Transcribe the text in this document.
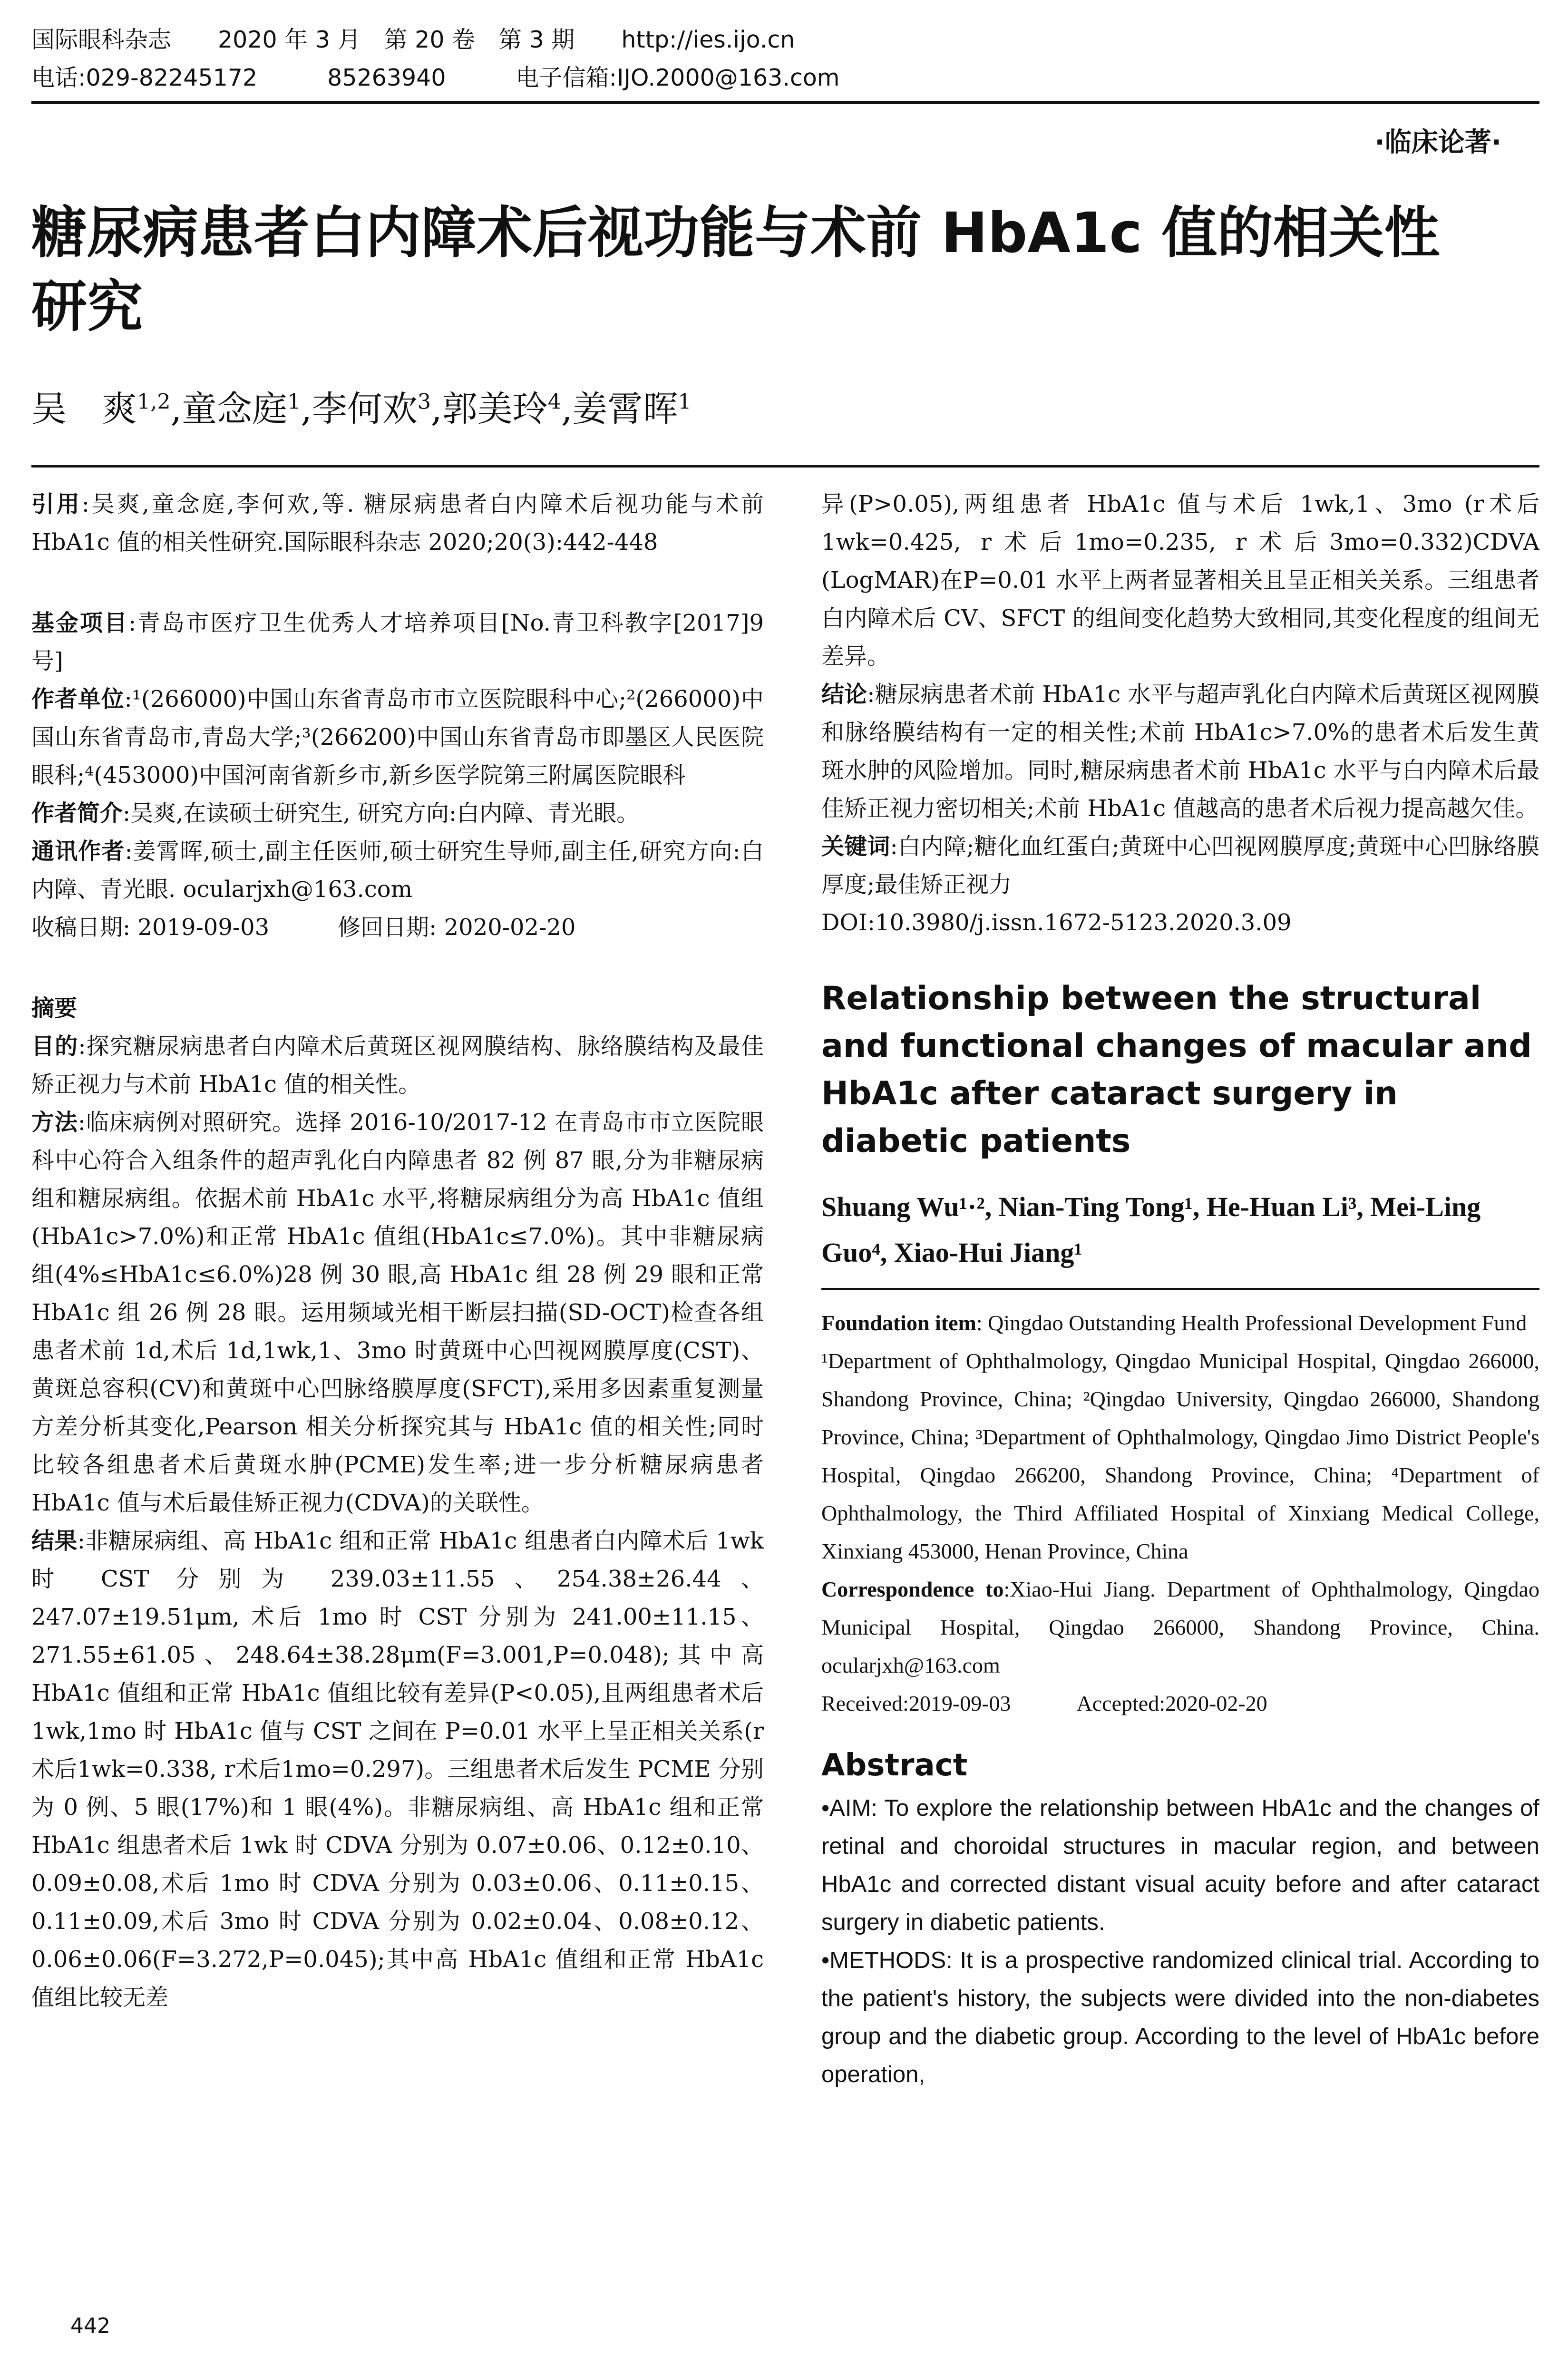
国际眼科杂志　　2020 年 3 月　第 20 卷　第 3 期　　http://ies.ijo.cn
电话:029-82245172　　　85263940　　　电子信箱:IJO.2000@163.com
·临床论著·
糖尿病患者白内障术后视功能与术前 HbA1c 值的相关性
研究
吴　爽$^{1,2}$,童念庭$^1$,李何欢$^3$,郭美玲$^4$,姜霄晖$^1$
引用:吴爽,童念庭,李何欢,等. 糖尿病患者白内障术后视功能与术前 HbA1c 值的相关性研究.国际眼科杂志 2020;20(3):442-448
基金项目:青岛市医疗卫生优秀人才培养项目[No.青卫科教字[2017]9 号]
作者单位:¹(266000)中国山东省青岛市市立医院眼科中心;²(266000)中国山东省青岛市,青岛大学;³(266200)中国山东省青岛市即墨区人民医院眼科;⁴(453000)中国河南省新乡市,新乡医学院第三附属医院眼科
作者简介:吴爽,在读硕士研究生, 研究方向:白内障、青光眼。
通讯作者:姜霄晖,硕士,副主任医师,硕士研究生导师,副主任,研究方向:白内障、青光眼. ocularjxh@163.com
收稿日期: 2019-09-03　　　修回日期: 2020-02-20
摘要
目的:探究糖尿病患者白内障术后黄斑区视网膜结构、脉络膜结构及最佳矫正视力与术前 HbA1c 值的相关性。
方法:临床病例对照研究。选择 2016-10/2017-12 在青岛市市立医院眼科中心符合入组条件的超声乳化白内障患者 82 例 87 眼,分为非糖尿病组和糖尿病组。依据术前 HbA1c 水平,将糖尿病组分为高 HbA1c 值组(HbA1c>7.0%)和正常 HbA1c 值组(HbA1c≤7.0%)。其中非糖尿病组(4%≤HbA1c≤6.0%)28 例 30 眼,高 HbA1c 组 28 例 29 眼和正常 HbA1c 组 26 例 28 眼。运用频域光相干断层扫描(SD-OCT)检查各组患者术前 1d,术后 1d,1wk,1、3mo 时黄斑中心凹视网膜厚度(CST)、黄斑总容积(CV)和黄斑中心凹脉络膜厚度(SFCT),采用多因素重复测量方差分析其变化,Pearson 相关分析探究其与 HbA1c 值的相关性;同时比较各组患者术后黄斑水肿(PCME)发生率;进一步分析糖尿病患者 HbA1c 值与术后最佳矫正视力(CDVA)的关联性。
结果:非糖尿病组、高 HbA1c 组和正常 HbA1c 组患者白内障术后 1wk 时 CST 分别为 239.03±11.55、254.38±26.44、247.07±19.51μm, 术后 1mo 时 CST 分别为 241.00±11.15、271.55±61.05、248.64±38.28μm(F=3.001,P=0.048);其中高 HbA1c 值组和正常 HbA1c 值组比较有差异(P<0.05),且两组患者术后 1wk,1mo 时 HbA1c 值与 CST 之间在 P=0.01 水平上呈正相关关系(r术后1wk=0.338, r术后1mo=0.297)。三组患者术后发生 PCME 分别为 0 例、5 眼(17%)和 1 眼(4%)。非糖尿病组、高 HbA1c 组和正常 HbA1c 组患者术后 1wk 时 CDVA 分别为 0.07±0.06、0.12±0.10、0.09±0.08,术后 1mo 时 CDVA 分别为 0.03±0.06、0.11±0.15、0.11±0.09,术后 3mo 时 CDVA 分别为 0.02±0.04、0.08±0.12、0.06±0.06(F=3.272,P=0.045);其中高 HbA1c 值组和正常 HbA1c 值组比较无差
442
异(P>0.05),两组患者 HbA1c 值与术后 1wk,1、3mo (r术后1wk=0.425, r术后1mo=0.235, r术后3mo=0.332)CDVA (LogMAR)在P=0.01 水平上两者显著相关且呈正相关关系。三组患者白内障术后 CV、SFCT 的组间变化趋势大致相同,其变化程度的组间无差异。
结论:糖尿病患者术前 HbA1c 水平与超声乳化白内障术后黄斑区视网膜和脉络膜结构有一定的相关性;术前 HbA1c>7.0%的患者术后发生黄斑水肿的风险增加。同时,糖尿病患者术前 HbA1c 水平与白内障术后最佳矫正视力密切相关;术前 HbA1c 值越高的患者术后视力提高越欠佳。
关键词:白内障;糖化血红蛋白;黄斑中心凹视网膜厚度;黄斑中心凹脉络膜厚度;最佳矫正视力
DOI:10.3980/j.issn.1672-5123.2020.3.09
Relationship between the structural and functional changes of macular and HbA1c after cataract surgery in diabetic patients
Shuang Wu¹·², Nian-Ting Tong¹, He-Huan Li³, Mei-Ling Guo⁴, Xiao-Hui Jiang¹
Foundation item: Qingdao Outstanding Health Professional Development Fund
¹Department of Ophthalmology, Qingdao Municipal Hospital, Qingdao 266000, Shandong Province, China; ²Qingdao University, Qingdao 266000, Shandong Province, China; ³Department of Ophthalmology, Qingdao Jimo District People's Hospital, Qingdao 266200, Shandong Province, China; ⁴Department of Ophthalmology, the Third Affiliated Hospital of Xinxiang Medical College, Xinxiang 453000, Henan Province, China
Correspondence to:Xiao-Hui Jiang. Department of Ophthalmology, Qingdao Municipal Hospital, Qingdao 266000, Shandong Province, China. ocularjxh@163.com
Received:2019-09-03　　　Accepted:2020-02-20
Abstract
•AIM: To explore the relationship between HbA1c and the changes of retinal and choroidal structures in macular region, and between HbA1c and corrected distant visual acuity before and after cataract surgery in diabetic patients.
•METHODS: It is a prospective randomized clinical trial. According to the patient's history, the subjects were divided into the non-diabetes group and the diabetic group. According to the level of HbA1c before operation,
